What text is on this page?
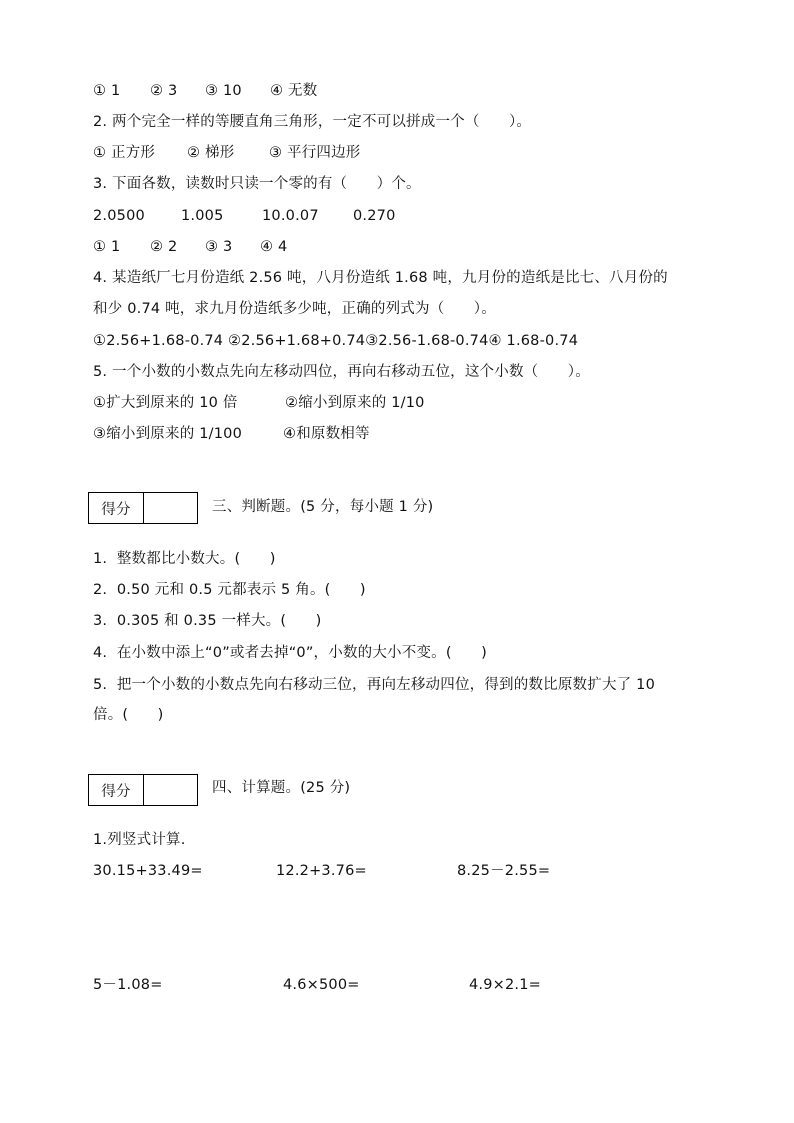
① 1 ② 3 ③ 10 ④ 无数
2. 两个完全一样的等腰直角三角形，一定不可以拼成一个（　　）。
① 正方形 ② 梯形 ③ 平行四边形
3. 下面各数，读数时只读一个零的有（　　）个。
2.0500 1.005	10.0.07 0.270
① 1 ② 2 ③ 3 ④ 4
4. 某造纸厂七月份造纸 2.56 吨，八月份造纸 1.68 吨，九月份的造纸是比七、八月份的
和少 0.74 吨，求九月份造纸多少吨，正确的列式为（　　）。
①2.56+1.68-0.74 ②2.56+1.68+0.74③2.56-1.68-0.74④ 1.68-0.74
5. 一个小数的小数点先向左移动四位，再向右移动五位，这个小数（　　）。
①扩大到原来的 10 倍	②缩小到原来的 1/10
③缩小到原来的 1/100	④和原数相等
得分	三、判断题。(5 分，每小题 1 分)
1.  整数都比小数大。(　　)
2.  0.50 元和 0.5 元都表示 5 角。(　　)
3.  0.305 和 0.35 一样大。(　　)
4.  在小数中添上“0”或者去掉“0”，小数的大小不变。(　　)
5.  把一个小数的小数点先向右移动三位，再向左移动四位，得到的数比原数扩大了 10
倍。(　　)
得分	四、计算题。(25 分)
1.列竖式计算.
30.15+33.49=	12.2+3.76=	8.25－2.55=
5－1.08=	4.6×500=	4.9×2.1=
